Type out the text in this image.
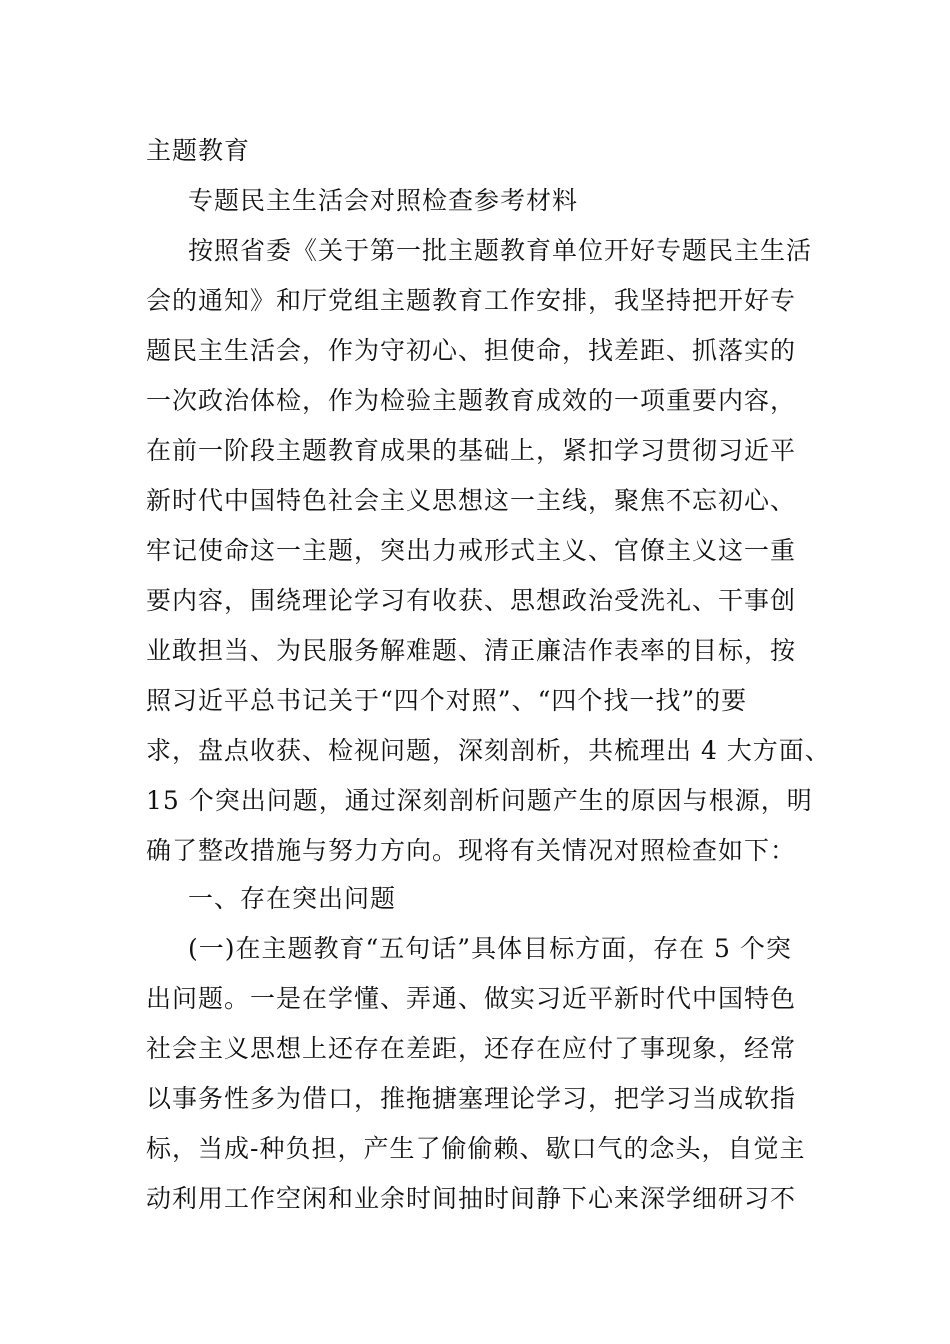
主题教育
专题民主生活会对照检查参考材料
按照省委《关于第一批主题教育单位开好专题民主生活
会的通知》和厅党组主题教育工作安排，我坚持把开好专
题民主生活会，作为守初心、担使命，找差距、抓落实的
一次政治体检，作为检验主题教育成效的一项重要内容，
在前一阶段主题教育成果的基础上，紧扣学习贯彻习近平
新时代中国特色社会主义思想这一主线，聚焦不忘初心、
牢记使命这一主题，突出力戒形式主义、官僚主义这一重
要内容，围绕理论学习有收获、思想政治受洗礼、干事创
业敢担当、为民服务解难题、清正廉洁作表率的目标，按
照习近平总书记关于“四个对照”、“四个找一找”的要
求，盘点收获、检视问题，深刻剖析，共梳理出 4 大方面、
15 个突出问题，通过深刻剖析问题产生的原因与根源，明
确了整改措施与努力方向。现将有关情况对照检查如下：
一、存在突出问题
(一)在主题教育“五句话”具体目标方面，存在 5 个突
出问题。一是在学懂、弄通、做实习近平新时代中国特色
社会主义思想上还存在差距，还存在应付了事现象，经常
以事务性多为借口，推拖搪塞理论学习，把学习当成软指
标，当成-种负担，产生了偷偷赖、歇口气的念头，自觉主
动利用工作空闲和业余时间抽时间静下心来深学细研习不
